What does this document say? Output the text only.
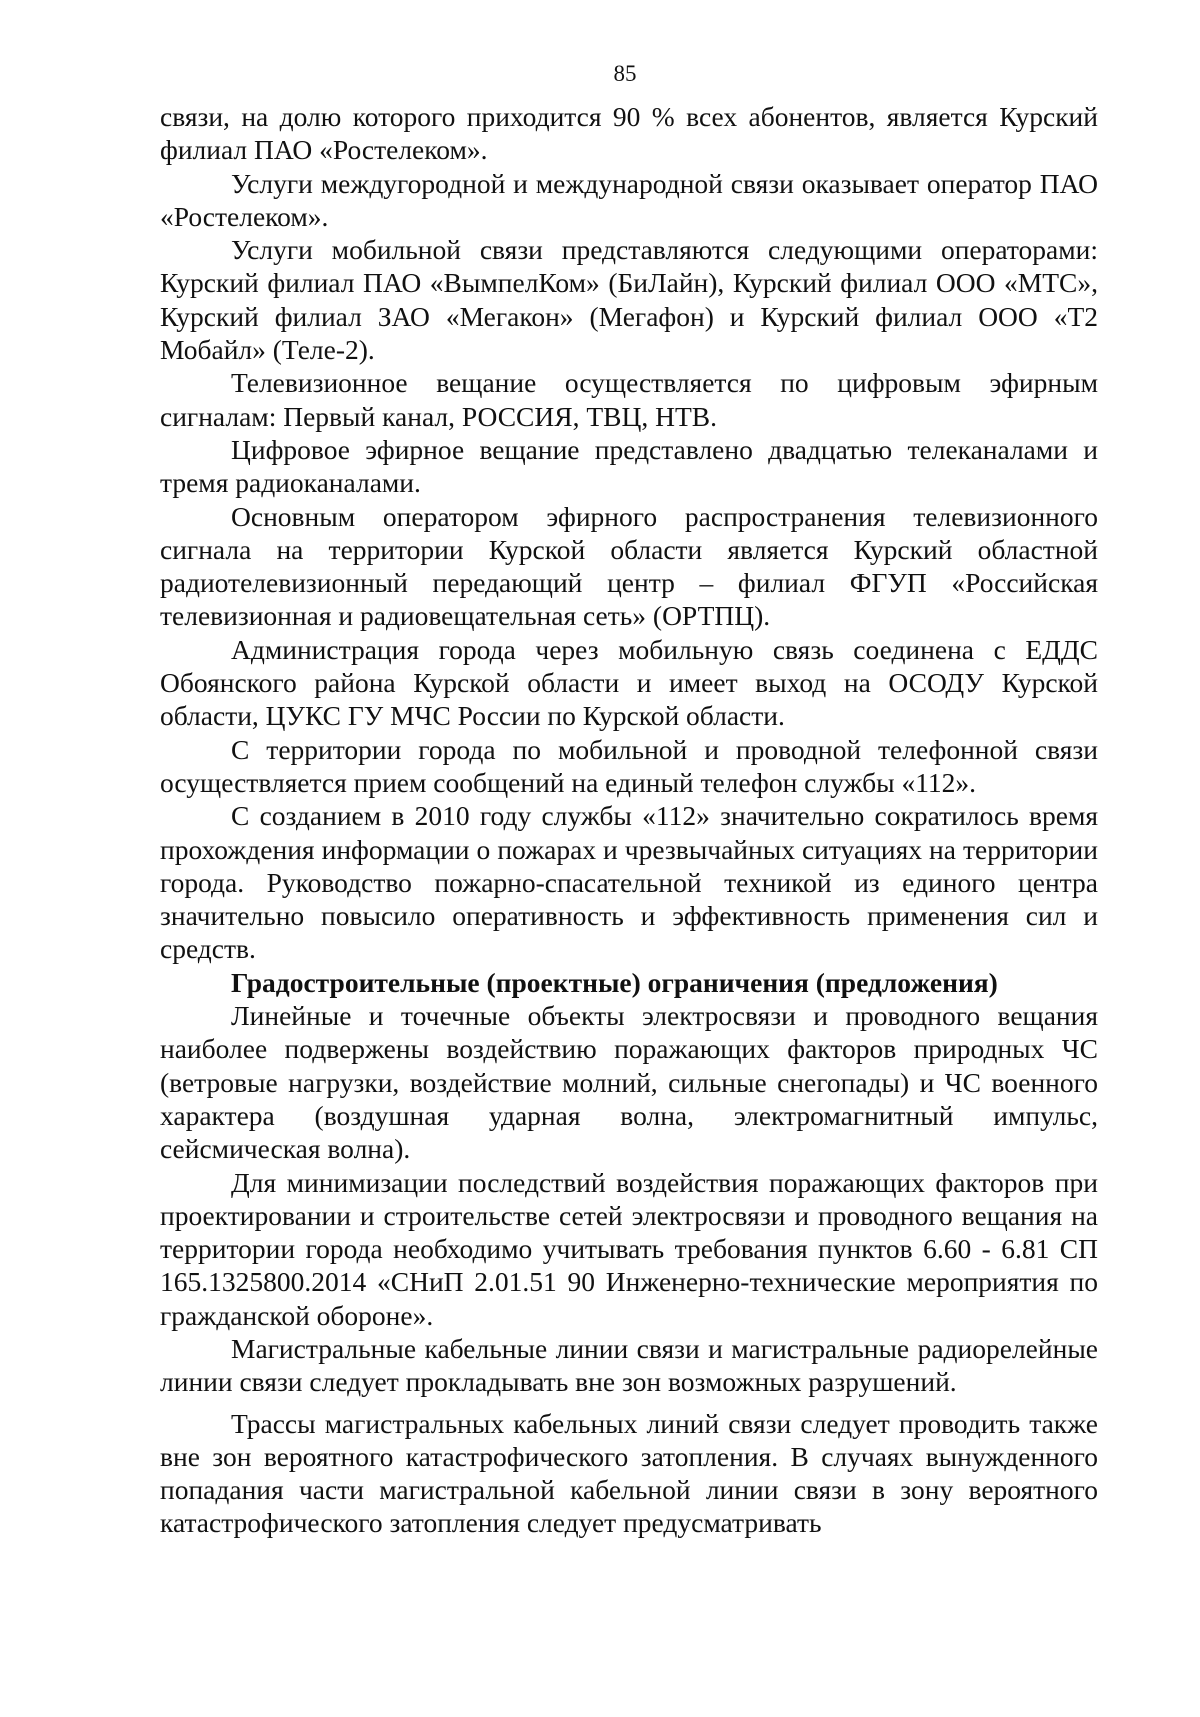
85

связи, на долю которого приходится 90 % всех абонентов, является Курский филиал ПАО «Ростелеком».

Услуги междугородной и международной связи оказывает оператор ПАО «Ростелеком».

Услуги мобильной связи представляются следующими операторами: Курский филиал ПАО «ВымпелКом» (БиЛайн), Курский филиал ООО «МТС», Курский филиал ЗАО «Мегакон» (Мегафон) и Курский филиал ООО «Т2 Мобайл» (Теле-2).

Телевизионное вещание осуществляется по цифровым эфирным сигналам: Первый канал, РОССИЯ, ТВЦ, НТВ.

Цифровое эфирное вещание представлено двадцатью телеканалами и тремя радиоканалами.

Основным оператором эфирного распространения телевизионного сигнала на территории Курской области является Курский областной радиотелевизионный передающий центр – филиал ФГУП «Российская телевизионная и радиовещательная сеть» (ОРТПЦ).

Администрация города через мобильную связь соединена с ЕДДС Обоянского района Курской области и имеет выход на ОСОДУ Курской области, ЦУКС ГУ МЧС России по Курской области.

С территории города по мобильной и проводной телефонной связи осуществляется прием сообщений на единый телефон службы «112».

С созданием в 2010 году службы «112» значительно сократилось время прохождения информации о пожарах и чрезвычайных ситуациях на территории города. Руководство пожарно-спасательной техникой из единого центра значительно повысило оперативность и эффективность применения сил и средств.

Градостроительные (проектные) ограничения (предложения)

Линейные и точечные объекты электросвязи и проводного вещания наиболее подвержены воздействию поражающих факторов природных ЧС (ветровые нагрузки, воздействие молний, сильные снегопады) и ЧС военного характера (воздушная ударная волна, электромагнитный импульс, сейсмическая волна).

Для минимизации последствий воздействия поражающих факторов при проектировании и строительстве сетей электросвязи и проводного вещания на территории города необходимо учитывать требования пунктов 6.60 - 6.81 СП 165.1325800.2014 «СНиП 2.01.51 90 Инженерно-технические мероприятия по гражданской обороне».

Магистральные кабельные линии связи и магистральные радиорелейные линии связи следует прокладывать вне зон возможных разрушений.

Трассы магистральных кабельных линий связи следует проводить также вне зон вероятного катастрофического затопления. В случаях вынужденного попадания части магистральной кабельной линии связи в зону вероятного катастрофического затопления следует предусматривать
